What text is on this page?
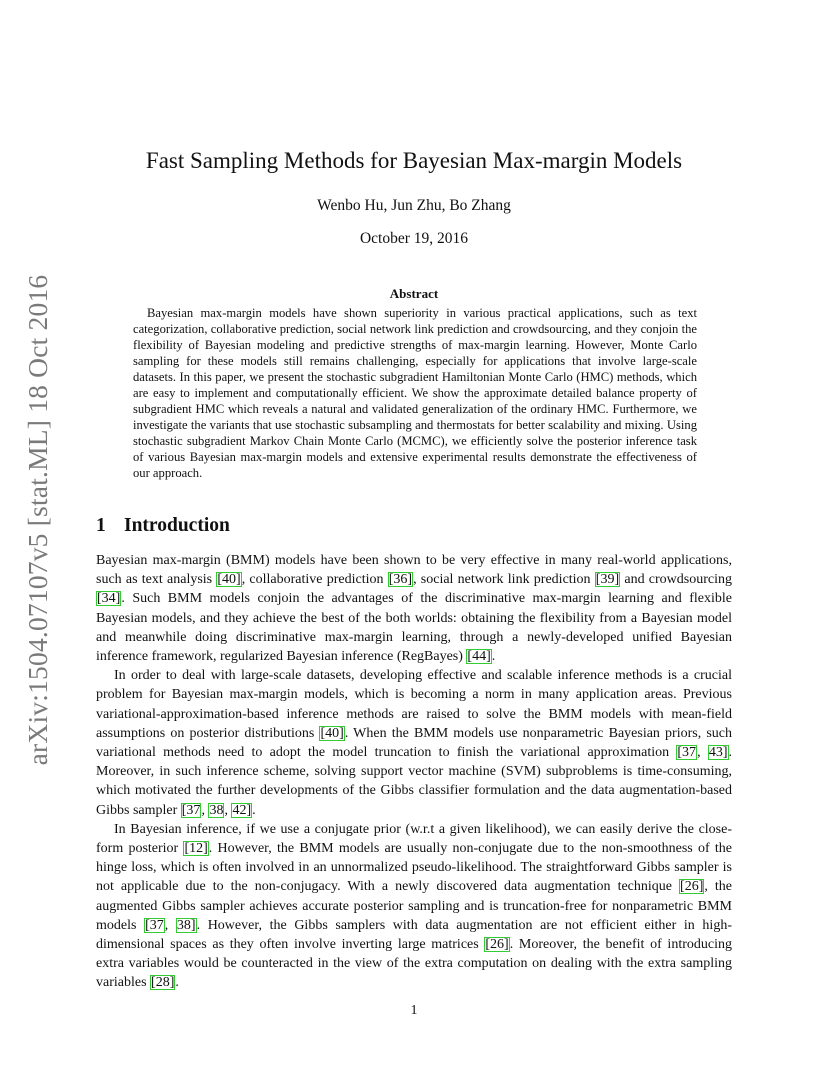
arXiv:1504.07107v5 [stat.ML] 18 Oct 2016
Fast Sampling Methods for Bayesian Max-margin Models
Wenbo Hu, Jun Zhu, Bo Zhang
October 19, 2016
Abstract

Bayesian max-margin models have shown superiority in various practical applications, such as text categorization, collaborative prediction, social network link prediction and crowdsourcing, and they conjoin the flexibility of Bayesian modeling and predictive strengths of max-margin learning. However, Monte Carlo sampling for these models still remains challenging, especially for applications that involve large-scale datasets. In this paper, we present the stochastic subgradient Hamiltonian Monte Carlo (HMC) methods, which are easy to implement and computationally efficient. We show the approximate detailed balance property of subgradient HMC which reveals a natural and validated generalization of the ordinary HMC. Furthermore, we investigate the variants that use stochastic subsampling and thermostats for better scalability and mixing. Using stochastic subgradient Markov Chain Monte Carlo (MCMC), we efficiently solve the posterior inference task of various Bayesian max-margin models and extensive experimental results demonstrate the effectiveness of our approach.

1 Introduction

Bayesian max-margin (BMM) models have been shown to be very effective in many real-world applications, such as text analysis [40], collaborative prediction [36], social network link prediction [39] and crowdsourcing [34]. Such BMM models conjoin the advantages of the discriminative max-margin learning and flexible Bayesian models, and they achieve the best of the both worlds: obtaining the flexibility from a Bayesian model and meanwhile doing discriminative max-margin learning, through a newly-developed unified Bayesian inference framework, regularized Bayesian inference (RegBayes) [44].

In order to deal with large-scale datasets, developing effective and scalable inference methods is a crucial problem for Bayesian max-margin models, which is becoming a norm in many application areas. Previous variational-approximation-based inference methods are raised to solve the BMM models with mean-field assumptions on posterior distributions [40]. When the BMM models use nonparametric Bayesian priors, such variational methods need to adopt the model truncation to finish the variational approximation [37, 43]. Moreover, in such inference scheme, solving support vector machine (SVM) subproblems is time-consuming, which motivated the further developments of the Gibbs classifier formulation and the data augmentation-based Gibbs sampler [37, 38, 42].

In Bayesian inference, if we use a conjugate prior (w.r.t a given likelihood), we can easily derive the close-form posterior [12]. However, the BMM models are usually non-conjugate due to the non-smoothness of the hinge loss, which is often involved in an unnormalized pseudo-likelihood. The straightforward Gibbs sampler is not applicable due to the non-conjugacy. With a newly discovered data augmentation technique [26], the augmented Gibbs sampler achieves accurate posterior sampling and is truncation-free for nonparametric BMM models [37, 38]. However, the Gibbs samplers with data augmentation are not efficient either in high-dimensional spaces as they often involve inverting large matrices [26]. Moreover, the benefit of introducing extra variables would be counteracted in the view of the extra computation on dealing with the extra sampling variables [28].

1
